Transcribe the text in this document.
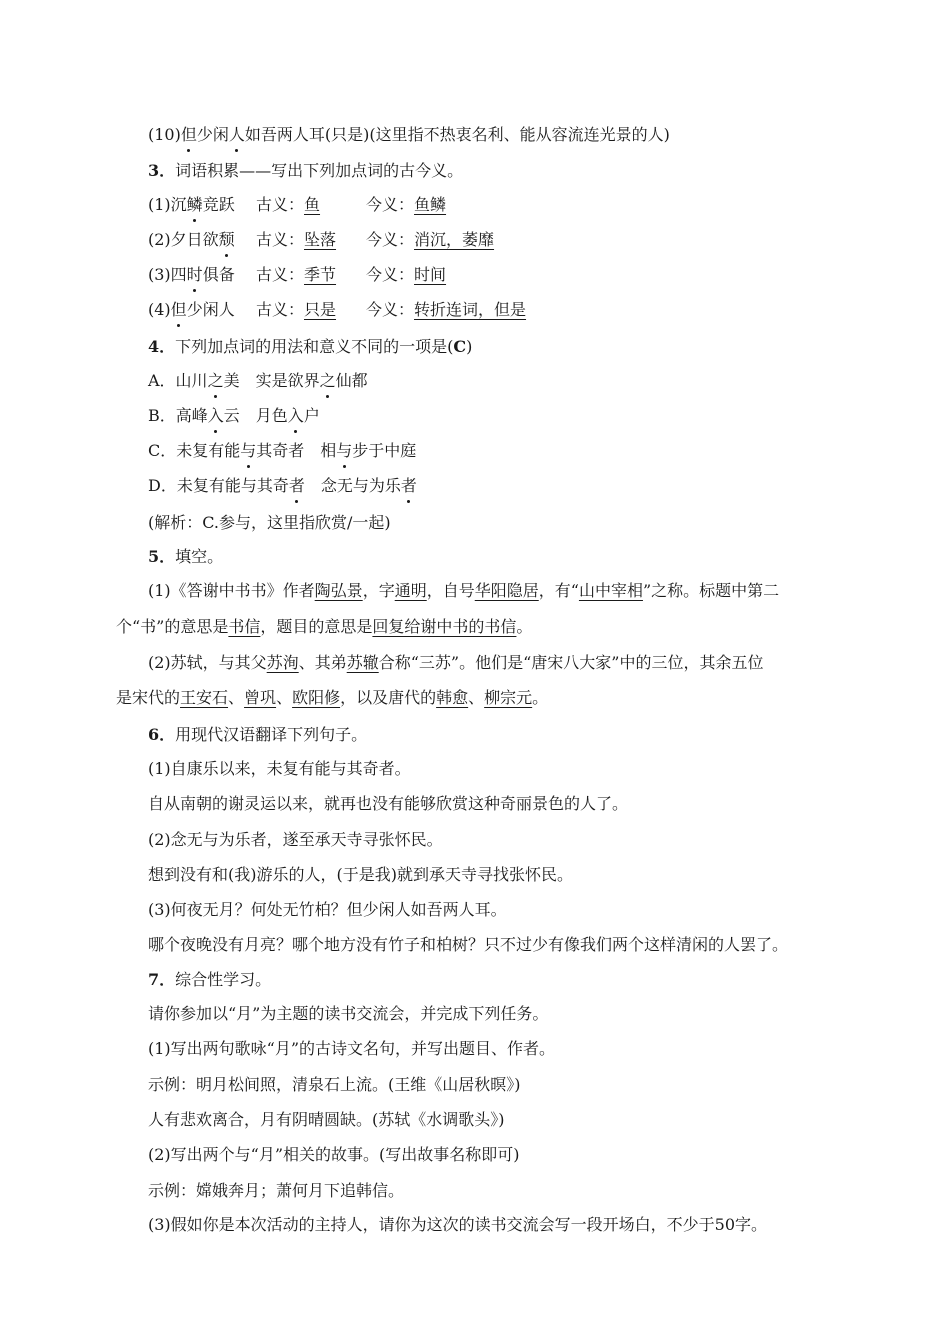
(10)但少闲人如吾两人耳(只是)(这里指不热衷名利、能从容流连光景的人)
3．词语积累——写出下列加点词的古今义。
(1)沉鳞竞跃 古义：鱼	今义：鱼鳞
(2)夕日欲颓 古义：坠落 今义：消沉，萎靡
(3)四时俱备 古义：季节 今义：时间
(4)但少闲人 古义：只是 今义：转折连词，但是
4．下列加点词的用法和意义不同的一项是(C)
A．山川之美　实是欲界之仙都
B．高峰入云　月色入户
C．未复有能与其奇者　相与步于中庭
D．未复有能与其奇者　念无与为乐者
(解析：C.参与，这里指欣赏/一起)
5．填空。
(1)《答谢中书书》作者陶弘景，字通明，自号华阳隐居，有“山中宰相”之称。标题中第二
个“书”的意思是书信，题目的意思是回复给谢中书的书信。
(2)苏轼，与其父苏洵、其弟苏辙合称“三苏”。他们是“唐宋八大家”中的三位，其余五位
是宋代的王安石、曾巩、欧阳修，以及唐代的韩愈、柳宗元。
6．用现代汉语翻译下列句子。
(1)自康乐以来，未复有能与其奇者。
自从南朝的谢灵运以来，就再也没有能够欣赏这种奇丽景色的人了。
(2)念无与为乐者，遂至承天寺寻张怀民。
想到没有和(我)游乐的人，(于是我)就到承天寺寻找张怀民。
(3)何夜无月？何处无竹柏？但少闲人如吾两人耳。
哪个夜晚没有月亮？哪个地方没有竹子和柏树？只不过少有像我们两个这样清闲的人罢了。
7．综合性学习。
请你参加以“月”为主题的读书交流会，并完成下列任务。
(1)写出两句歌咏“月”的古诗文名句，并写出题目、作者。
示例：明月松间照，清泉石上流。(王维《山居秋暝》)
人有悲欢离合，月有阴晴圆缺。(苏轼《水调歌头》)
(2)写出两个与“月”相关的故事。(写出故事名称即可)
示例：嫦娥奔月；萧何月下追韩信。
(3)假如你是本次活动的主持人，请你为这次的读书交流会写一段开场白，不少于50字。
